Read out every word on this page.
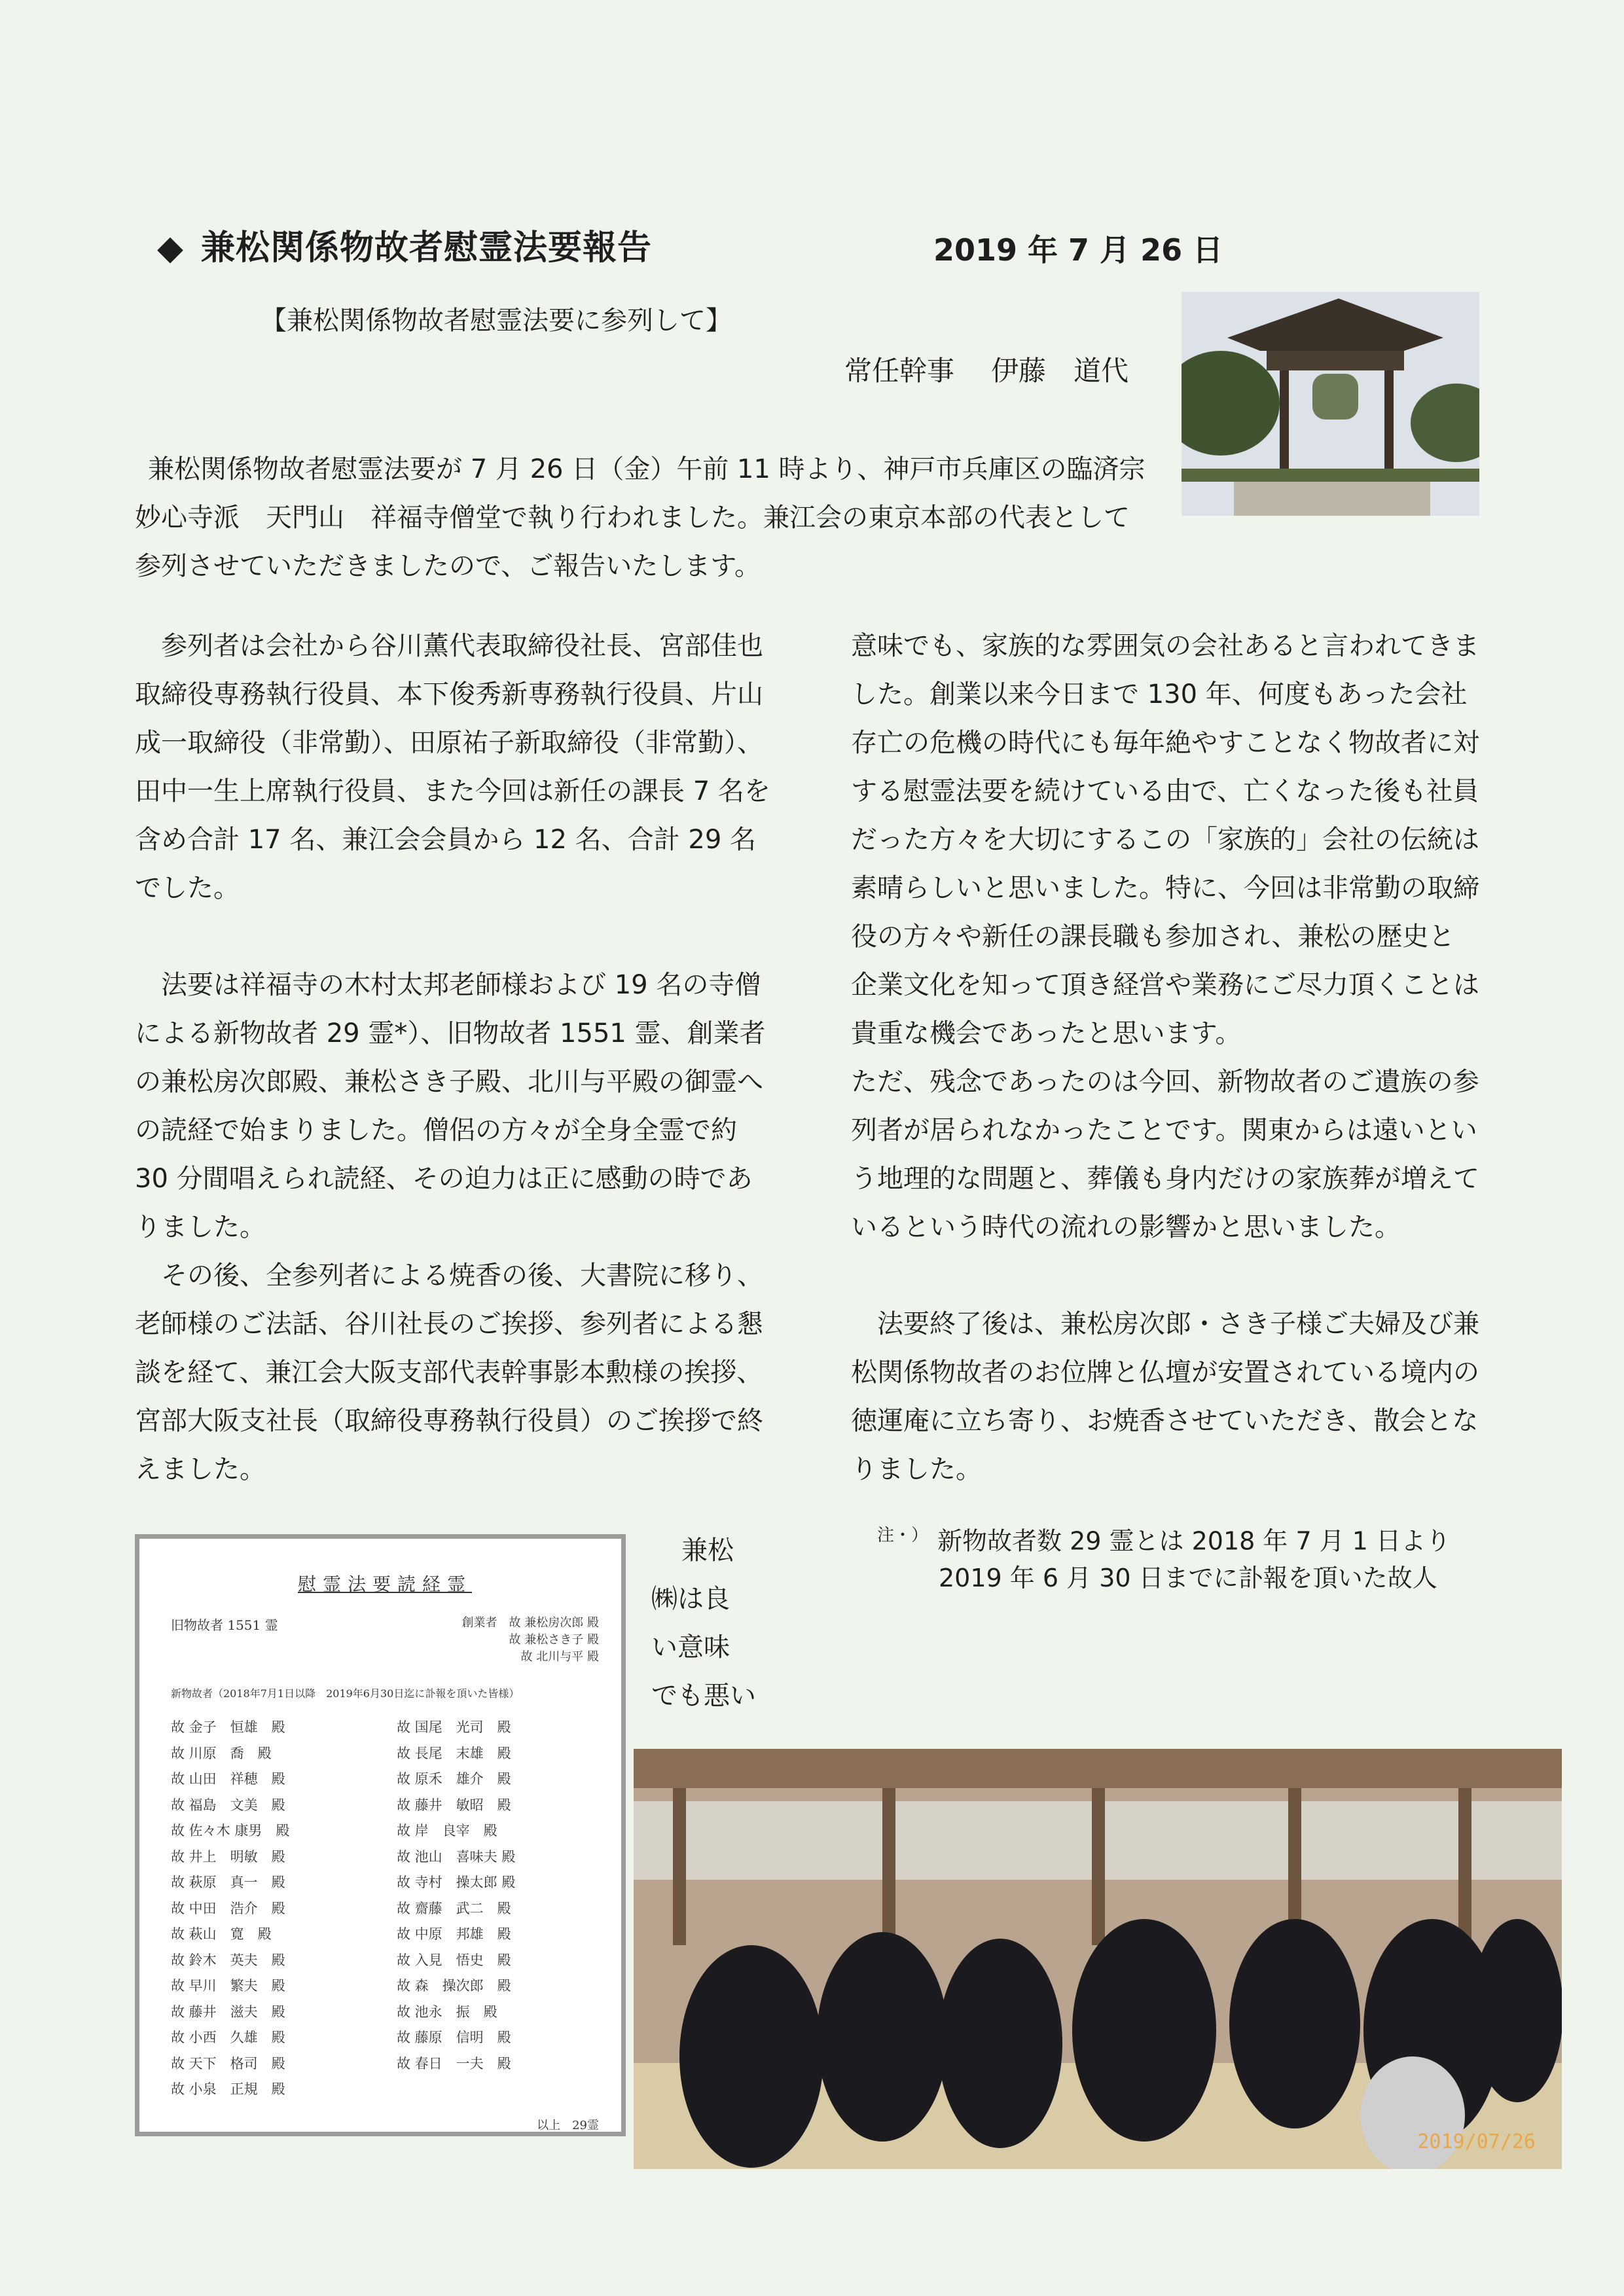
◆ 兼松関係物故者慰霊法要報告	2019 年 7 月 26 日
【兼松関係物故者慰霊法要に参列して】
常任幹事 伊藤　道代

兼松関係物故者慰霊法要が 7 月 26 日（金）午前 11 時より、神戸市兵庫区の臨済宗妙心寺派　天門山　祥福寺僧堂で執り行われました。兼江会の東京本部の代表として参列させていただきましたので、ご報告いたします。

参列者は会社から谷川薫代表取締役社長、宮部佳也取締役専務執行役員、本下俊秀新専務執行役員、片山成一取締役（非常勤）、田原祐子新取締役（非常勤）、田中一生上席執行役員、また今回は新任の課長 7 名を含め合計 17 名、兼江会会員から 12 名、合計 29 名でした。

法要は祥福寺の木村太邦老師様および 19 名の寺僧による新物故者 29 霊*）、旧物故者 1551 霊、創業者の兼松房次郎殿、兼松さき子殿、北川与平殿の御霊への読経で始まりました。僧侶の方々が全身全霊で約 30 分間唱えられ読経、その迫力は正に感動の時でありました。

その後、全参列者による焼香の後、大書院に移り、老師様のご法話、谷川社長のご挨拶、参列者による懇談を経て、兼江会大阪支部代表幹事影本勲様の挨拶、宮部大阪支社長（取締役専務執行役員）のご挨拶で終えました。

意味でも、家族的な雰囲気の会社あると言われてきました。創業以来今日まで 130 年、何度もあった会社存亡の危機の時代にも毎年絶やすことなく物故者に対する慰霊法要を続けている由で、亡くなった後も社員だった方々を大切にするこの「家族的」会社の伝統は素晴らしいと思いました。特に、今回は非常勤の取締役の方々や新任の課長職も参加され、兼松の歴史と企業文化を知って頂き経営や業務にご尽力頂くことは貴重な機会であったと思います。

ただ、残念であったのは今回、新物故者のご遺族の参列者が居られなかったことです。関東からは遠いという地理的な問題と、葬儀も身内だけの家族葬が増えているという時代の流れの影響かと思いました。

法要終了後は、兼松房次郎・さき子様ご夫婦及び兼松関係物故者のお位牌と仏壇が安置されている境内の徳運庵に立ち寄り、お焼香させていただき、散会となりました。

$^{注・)}$ 新物故者数 29 霊とは 2018 年 7 月 1 日より
2019 年 6 月 30 日までに訃報を頂いた故人
慰霊法要読経霊
旧物故者 1551 霊	創業者　故 兼松房次郎 殿
故 兼松さき子 殿
故 北川与平 殿
新物故者（2018年7月1日以降　2019年6月30日迄に訃報を頂いた皆様）
故 金子　恒雄　殿	故 国尾　光司　殿
故 川原　喬　殿	故 長尾　末雄　殿
故 山田　祥穂　殿	故 原禾　雄介　殿
故 福島　文美　殿	故 藤井　敏昭　殿
故 佐々木 康男　殿	故 岸　良宰　殿
故 井上　明敏　殿	故 池山　喜味夫 殿
故 萩原　真一　殿	故 寺村　操太郎 殿
故 中田　浩介　殿	故 齋藤　武二　殿
故 萩山　寛　殿	故 中原　邦雄　殿
故 鈴木　英夫　殿	故 入見　悟史　殿
故 早川　繁夫　殿	故 森　操次郎　殿
故 藤井　滋夫　殿	故 池永　振　殿
故 小西　久雄　殿	故 藤原　信明　殿
故 天下　格司　殿	故 春日　一夫　殿
故 小泉　正規　殿
以上　29霊
兼松
㈱は良
い意味
でも悪い
2019/07/26
